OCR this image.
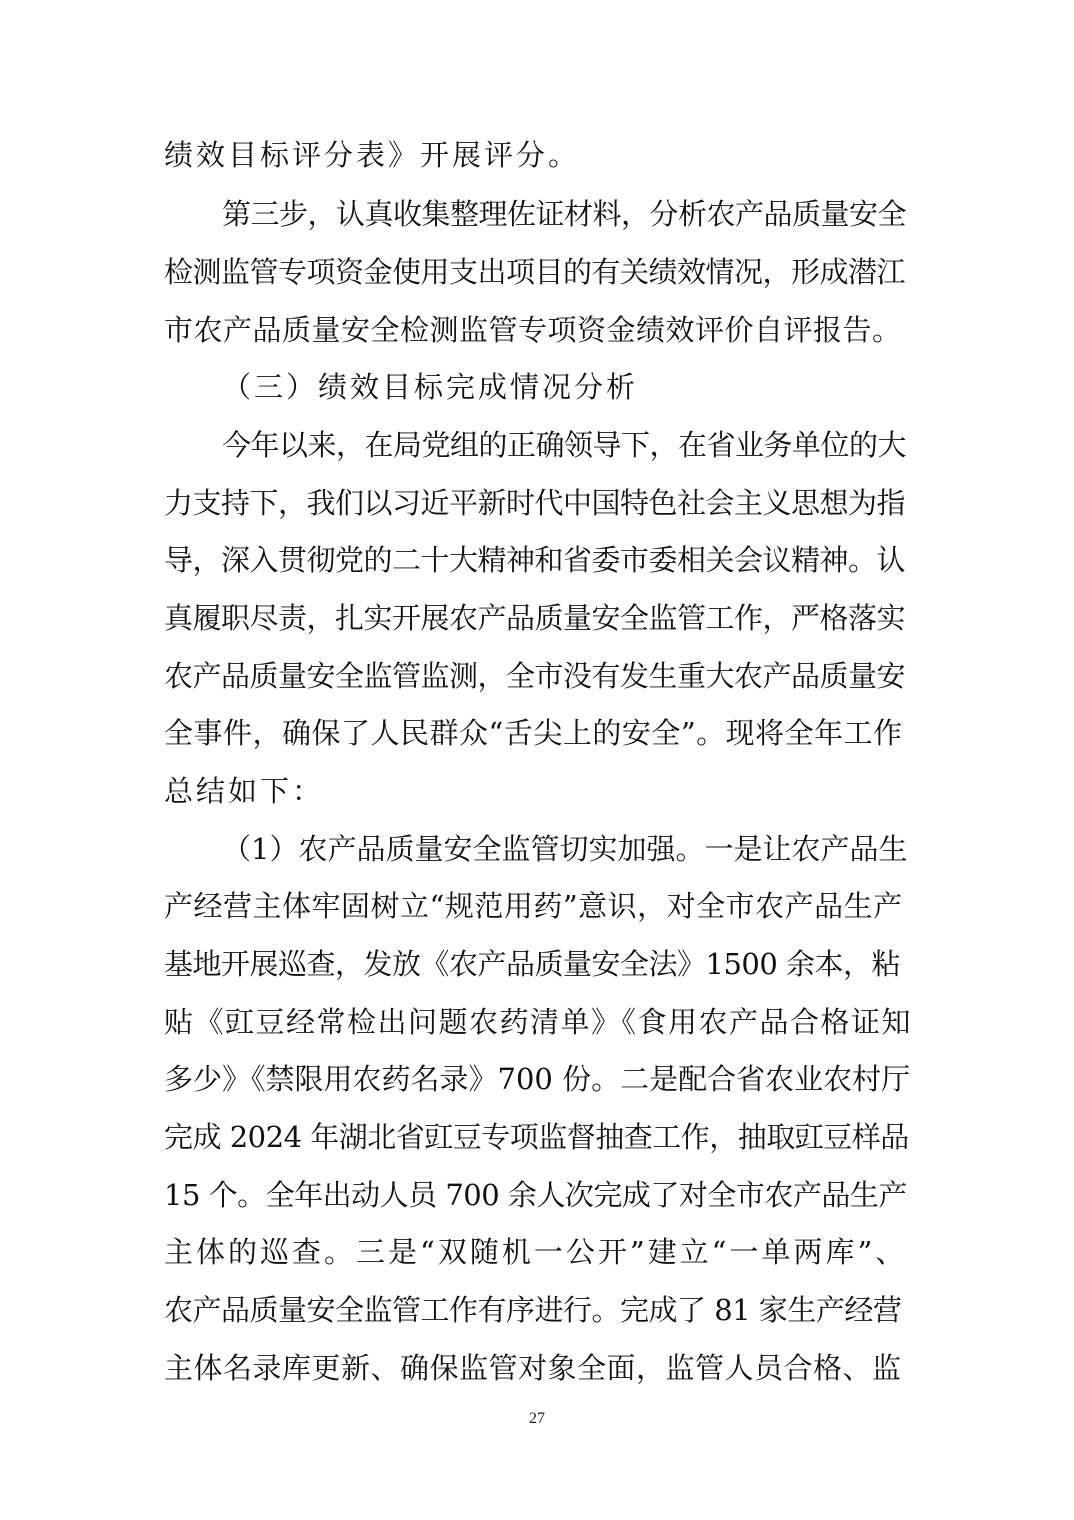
绩效目标评分表》开展评分。
第三步，认真收集整理佐证材料，分析农产品质量安全
检测监管专项资金使用支出项目的有关绩效情况，形成潜江
市农产品质量安全检测监管专项资金绩效评价自评报告。
（三）绩效目标完成情况分析
今年以来，在局党组的正确领导下，在省业务单位的大
力支持下，我们以习近平新时代中国特色社会主义思想为指
导，深入贯彻党的二十大精神和省委市委相关会议精神。认
真履职尽责，扎实开展农产品质量安全监管工作，严格落实
农产品质量安全监管监测，全市没有发生重大农产品质量安
全事件，确保了人民群众“舌尖上的安全”。现将全年工作
总结如下：
（1）农产品质量安全监管切实加强。一是让农产品生
产经营主体牢固树立“规范用药”意识，对全市农产品生产
基地开展巡查，发放《农产品质量安全法》1500 余本，粘
贴《豇豆经常检出问题农药清单》《食用农产品合格证知
多少》《禁限用农药名录》700 份。二是配合省农业农村厅
完成 2024 年湖北省豇豆专项监督抽查工作，抽取豇豆样品
15 个。全年出动人员 700 余人次完成了对全市农产品生产
主体的巡查。三是“双随机一公开”建立“一单两库”、
农产品质量安全监管工作有序进行。完成了 81 家生产经营
主体名录库更新、确保监管对象全面，监管人员合格、监
27
